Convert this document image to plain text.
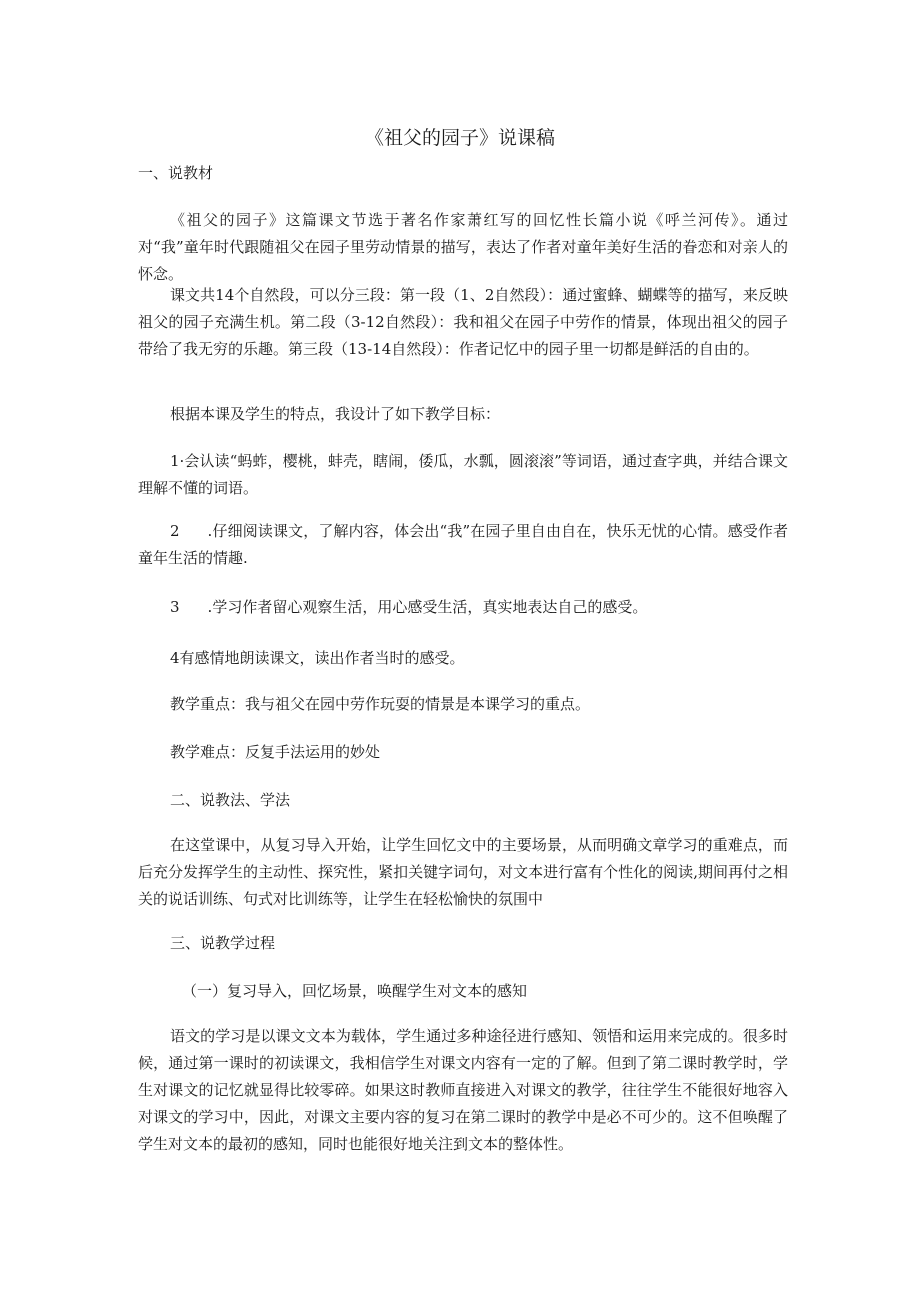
《祖父的园子》说课稿
一、说教材

《祖父的园子》这篇课文节选于著名作家萧红写的回忆性长篇小说《呼兰河传》。通过对“我”童年时代跟随祖父在园子里劳动情景的描写，表达了作者对童年美好生活的眷恋和对亲人的怀念。

课文共14个自然段，可以分三段：第一段（1、2自然段）：通过蜜蜂、蝴蝶等的描写，来反映祖父的园子充满生机。第二段（3-12自然段）：我和祖父在园子中劳作的情景，体现出祖父的园子带给了我无穷的乐趣。第三段（13-14自然段）：作者记忆中的园子里一切都是鲜活的自由的。

根据本课及学生的特点，我设计了如下教学目标：

1·会认读“蚂蚱，樱桃，蚌壳，瞎闹，倭瓜，水瓢，圆滚滚”等词语，通过查字典，并结合课文理解不懂的词语。

2 .仔细阅读课文，了解内容，体会出“我”在园子里自由自在，快乐无忧的心情。感受作者童年生活的情趣.

3 .学习作者留心观察生活，用心感受生活，真实地表达自己的感受。
4有感情地朗读课文，读出作者当时的感受。
教学重点：我与祖父在园中劳作玩耍的情景是本课学习的重点。
教学难点：反复手法运用的妙处
二、说教法、学法

在这堂课中，从复习导入开始，让学生回忆文中的主要场景，从而明确文章学习的重难点，而后充分发挥学生的主动性、探究性，紧扣关键字词句，对文本进行富有个性化的阅读,期间再付之相关的说话训练、句式对比训练等，让学生在轻松愉快的氛围中

三、说教学过程
（一）复习导入，回忆场景，唤醒学生对文本的感知

语文的学习是以课文文本为载体，学生通过多种途径进行感知、领悟和运用来完成的。很多时候，通过第一课时的初读课文，我相信学生对课文内容有一定的了解。但到了第二课时教学时，学生对课文的记忆就显得比较零碎。如果这时教师直接进入对课文的教学，往往学生不能很好地容入对课文的学习中，因此，对课文主要内容的复习在第二课时的教学中是必不可少的。这不但唤醒了学生对文本的最初的感知，同时也能很好地关注到文本的整体性。
